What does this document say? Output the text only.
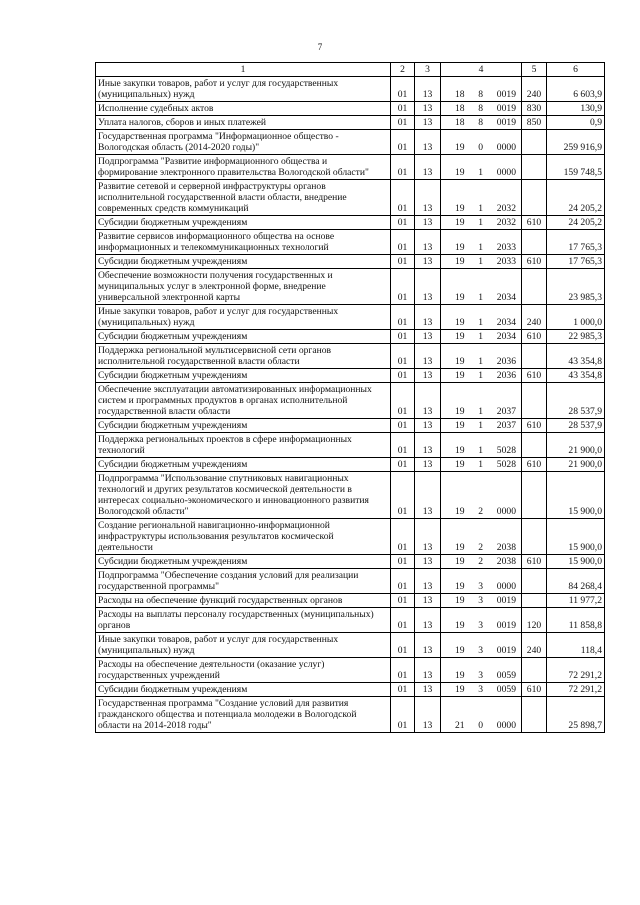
7
1	2	3	4	5	6
Иные закупки товаров, работ и услуг для государственных (муниципальных) нужд	01	13	18 8 0019	240	6 603,9
Исполнение судебных актов	01	13	18 8 0019	830	130,9
Уплата налогов, сборов и иных платежей	01	13	18 8 0019	850	0,9
Государственная программа "Информационное общество - Вологодская область (2014-2020 годы)"	01	13	19 0 0000		259 916,9
Подпрограмма "Развитие информационного общества и формирование электронного правительства Вологодской области"	01	13	19 1 0000		159 748,5
Развитие сетевой и серверной инфраструктуры органов исполнительной государственной власти области, внедрение современных средств коммуникаций	01	13	19 1 2032		24 205,2
Субсидии бюджетным учреждениям	01	13	19 1 2032	610	24 205,2
Развитие сервисов информационного общества на основе информационных и телекоммуникационных технологий	01	13	19 1 2033		17 765,3
Субсидии бюджетным учреждениям	01	13	19 1 2033	610	17 765,3
Обеспечение возможности получения государственных и муниципальных услуг в электронной форме, внедрение универсальной электронной карты	01	13	19 1 2034		23 985,3
Иные закупки товаров, работ и услуг для государственных (муниципальных) нужд	01	13	19 1 2034	240	1 000,0
Субсидии бюджетным учреждениям	01	13	19 1 2034	610	22 985,3
Поддержка региональной мультисервисной сети органов исполнительной государственной власти области	01	13	19 1 2036		43 354,8
Субсидии бюджетным учреждениям	01	13	19 1 2036	610	43 354,8
Обеспечение эксплуатации автоматизированных информационных систем и программных продуктов в органах исполнительной государственной власти области	01	13	19 1 2037		28 537,9
Субсидии бюджетным учреждениям	01	13	19 1 2037	610	28 537,9
Поддержка региональных проектов в сфере информационных технологий	01	13	19 1 5028		21 900,0
Субсидии бюджетным учреждениям	01	13	19 1 5028	610	21 900,0
Подпрограмма "Использование спутниковых навигационных технологий и других результатов космической деятельности в интересах социально-экономического и инновационного развития Вологодской области"	01	13	19 2 0000		15 900,0
Создание региональной навигационно-информационной инфраструктуры использования результатов космической деятельности	01	13	19 2 2038		15 900,0
Субсидии бюджетным учреждениям	01	13	19 2 2038	610	15 900,0
Подпрограмма "Обеспечение создания условий для реализации государственной программы"	01	13	19 3 0000		84 268,4
Расходы на обеспечение функций государственных органов	01	13	19 3 0019		11 977,2
Расходы на выплаты персоналу государственных (муниципальных) органов	01	13	19 3 0019	120	11 858,8
Иные закупки товаров, работ и услуг для государственных (муниципальных) нужд	01	13	19 3 0019	240	118,4
Расходы на обеспечение деятельности (оказание услуг) государственных учреждений	01	13	19 3 0059		72 291,2
Субсидии бюджетным учреждениям	01	13	19 3 0059	610	72 291,2
Государственная программа "Создание условий для развития гражданского общества и потенциала молодежи в Вологодской области на 2014-2018 годы"	01	13	21 0 0000		25 898,7
